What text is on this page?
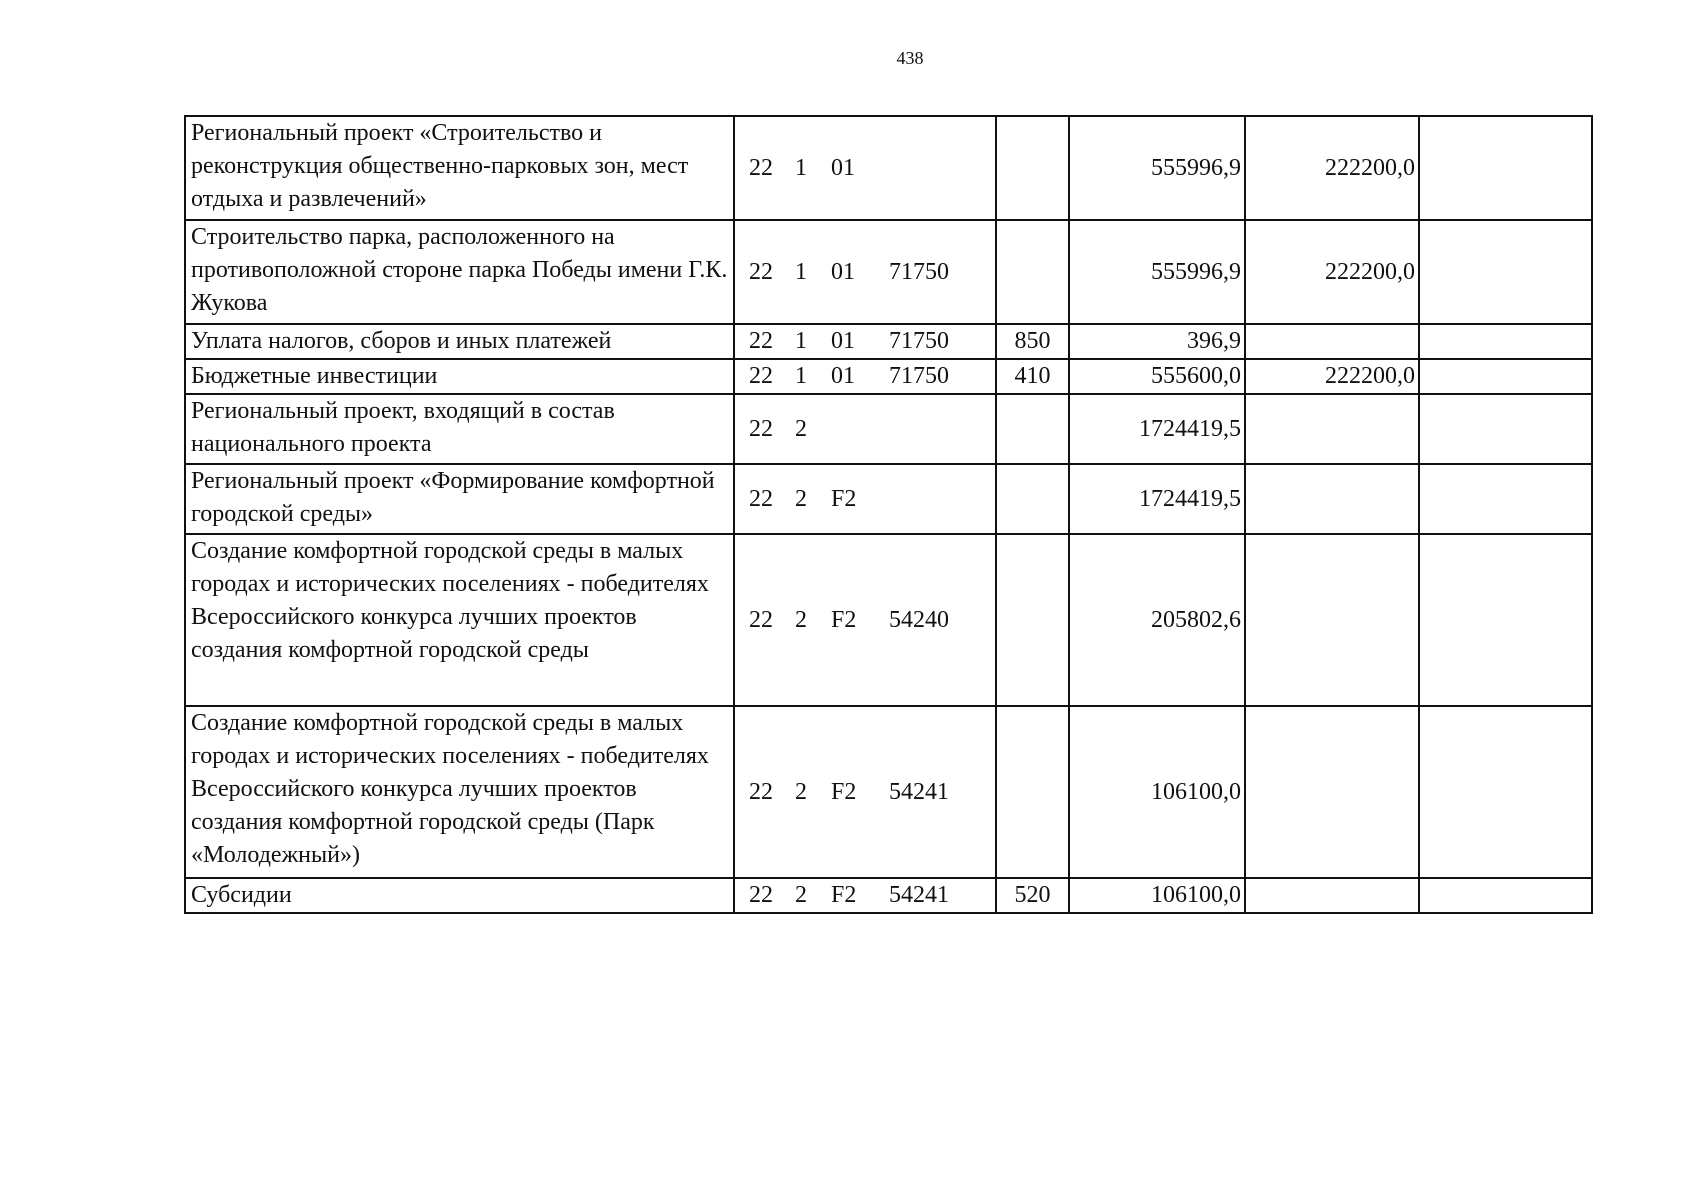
438
Региональный проект «Строительство и реконструкция общественно-парковых зон, мест отдыха и развлечений»	22 1 01		555996,9	222200,0	
Строительство парка, расположенного на противоположной стороне парка Победы имени Г.К. Жукова	22 1 01 71750		555996,9	222200,0	
Уплата налогов, сборов и иных платежей	22 1 01 71750	850	396,9		
Бюджетные инвестиции	22 1 01 71750	410	555600,0	222200,0	
Региональный проект, входящий в состав национального проекта	22 2		1724419,5		
Региональный проект «Формирование комфортной городской среды»	22 2 F2		1724419,5		
Создание комфортной городской среды в малых городах и исторических поселениях - победителях Всероссийского конкурса лучших проектов создания комфортной городской среды	22 2 F2 54240		205802,6		
Создание комфортной городской среды в малых городах и исторических поселениях - победителях Всероссийского конкурса лучших проектов создания комфортной городской среды (Парк «Молодежный»)	22 2 F2 54241		106100,0		
Субсидии	22 2 F2 54241	520	106100,0		
